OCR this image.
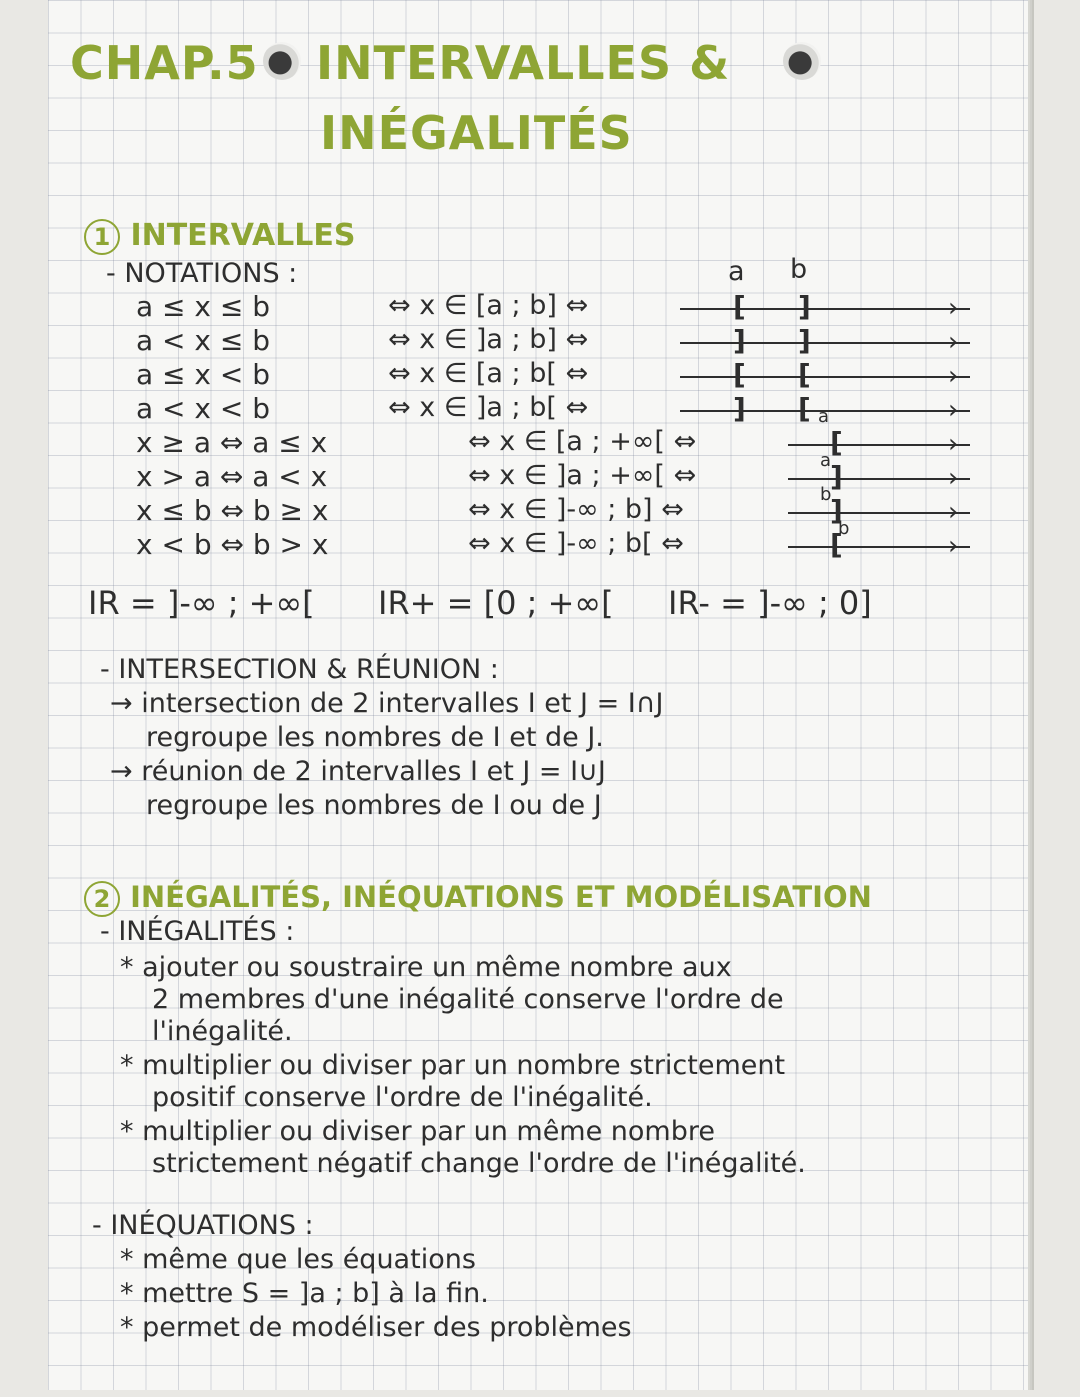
CHAP.5 INTERVALLES &
INÉGALITÉS
1 INTERVALLES
- NOTATIONS :	a b
a ≤ x ≤ b	⇔ x ∈ [a ; b] ⇔	›
[ ]
a < x ≤ b	⇔ x ∈ ]a ; b] ⇔	›
] ]
a ≤ x < b	⇔ x ∈ [a ; b[ ⇔	›
[ [
a < x < b	⇔ x ∈ ]a ; b[ ⇔	›
] [ a
x ≥ a ⇔ a ≤ x	⇔ x ∈ [a ; +∞[ ⇔	›
[
x > a ⇔ a < x	⇔ x ∈ ]a ; +∞[ ⇔	›
]
a
x ≤ b ⇔ b ≥ x	⇔ x ∈ ]-∞ ; b] ⇔	›
]
b
x < b ⇔ b > x	⇔ x ∈ ]-∞ ; b[ ⇔	›
[
b
IR = ]-∞ ; +∞[ IR+ = [0 ; +∞[ IR- = ]-∞ ; 0]
- INTERSECTION & RÉUNION :
→ intersection de 2 intervalles I et J = I∩J
regroupe les nombres de I et de J.
→ réunion de 2 intervalles I et J = I∪J
regroupe les nombres de I ou de J
2 INÉGALITÉS, INÉQUATIONS ET MODÉLISATION
- INÉGALITÉS :
* ajouter ou soustraire un même nombre aux
2 membres d'une inégalité conserve l'ordre de
l'inégalité.
* multiplier ou diviser par un nombre strictement
positif conserve l'ordre de l'inégalité.
* multiplier ou diviser par un même nombre
strictement négatif change l'ordre de l'inégalité.
- INÉQUATIONS :
* même que les équations
* mettre S = ]a ; b] à la fin.
* permet de modéliser des problèmes
